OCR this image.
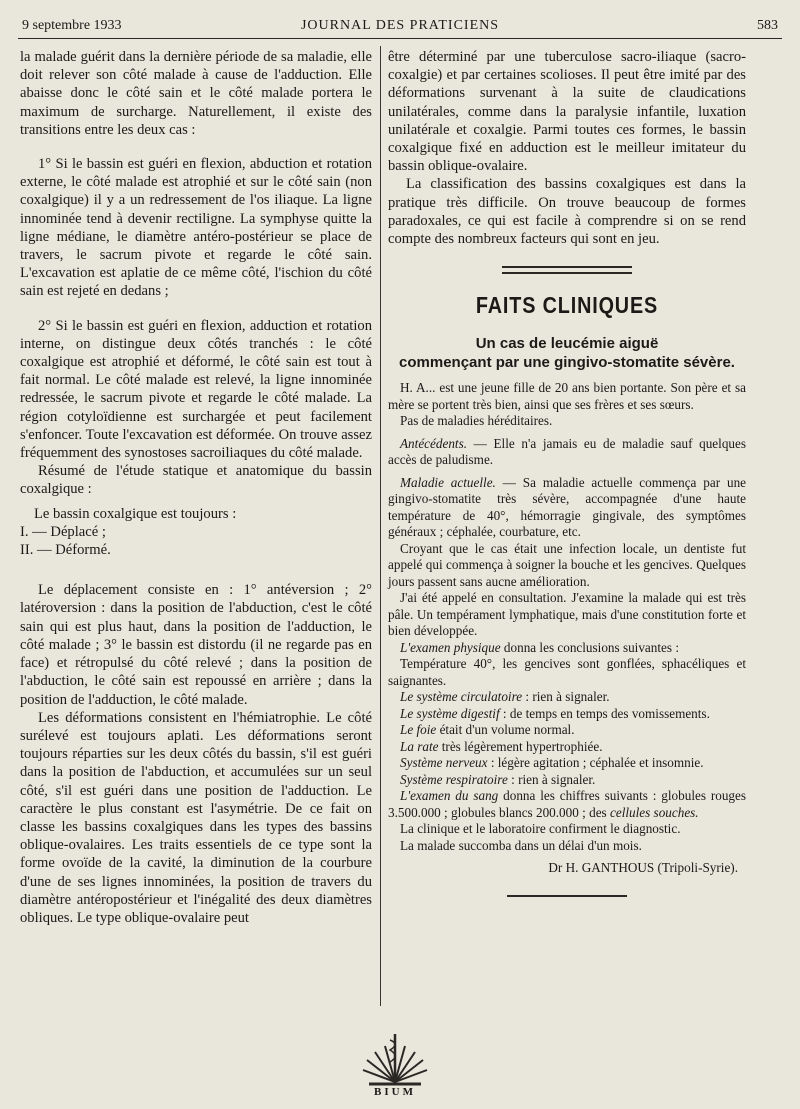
9 septembre 1933	JOURNAL DES PRATICIENS	583

la malade guérit dans la dernière période de sa maladie, elle doit relever son côté malade à cause de l'adduction. Elle abaisse donc le côté sain et le côté malade portera le maximum de surcharge. Naturellement, il existe des transitions entre les deux cas :

1° Si le bassin est guéri en flexion, abduction et rotation externe, le côté malade est atrophié et sur le côté sain (non coxalgique) il y a un redressement de l'os iliaque. La ligne innominée tend à devenir rectiligne. La symphyse quitte la ligne médiane, le diamètre antéro-postérieur se place de travers, le sacrum pivote et regarde le côté sain. L'excavation est aplatie de ce même côté, l'ischion du côté sain est rejeté en dedans ;

2° Si le bassin est guéri en flexion, adduction et rotation interne, on distingue deux côtés tranchés : le côté coxalgique est atrophié et déformé, le côté sain est tout à fait normal. Le côté malade est relevé, la ligne innominée redressée, le sacrum pivote et regarde le côté malade. La région cotyloïdienne est surchargée et peut facilement s'enfoncer. Toute l'excavation est déformée. On trouve assez fréquemment des synostoses sacroiliaques du côté malade.

Résumé de l'étude statique et anatomique du bassin coxalgique :

Le bassin coxalgique est toujours :

I. — Déplacé ;

II. — Déformé.

Le déplacement consiste en : 1° antéversion ; 2° latéroversion : dans la position de l'abduction, c'est le côté sain qui est plus haut, dans la position de l'adduction, le côté malade ; 3° le bassin est distordu (il ne regarde pas en face) et rétropulsé du côté relevé ; dans la position de l'abduction, le côté sain est repoussé en arrière ; dans la position de l'adduction, le côté malade.

Les déformations consistent en l'hémiatrophie. Le côté surélevé est toujours aplati. Les déformations seront toujours réparties sur les deux côtés du bassin, s'il est guéri dans la position de l'abduction, et accumulées sur un seul côté, s'il est guéri dans une position de l'adduction. Le caractère le plus constant est l'asymétrie. De ce fait on classe les bassins coxalgiques dans les types des bassins oblique-ovalaires. Les traits essentiels de ce type sont la forme ovoïde de la cavité, la diminution de la courbure d'une de ses lignes innominées, la position de travers du diamètre antéropostérieur et l'inégalité des deux diamètres obliques. Le type oblique-ovalaire peut

être déterminé par une tuberculose sacro-iliaque (sacro-coxalgie) et par certaines scolioses. Il peut être imité par des déformations survenant à la suite de claudications unilatérales, comme dans la paralysie infantile, luxation unilatérale et coxalgie. Parmi toutes ces formes, le bassin coxalgique fixé en adduction est le meilleur imitateur du bassin oblique-ovalaire.

La classification des bassins coxalgiques est dans la pratique très difficile. On trouve beaucoup de formes paradoxales, ce qui est facile à comprendre si on se rend compte des nombreux facteurs qui sont en jeu.

FAITS CLINIQUES
Un cas de leucémie aiguë
commençant par une gingivo-stomatite sévère.

H. A... est une jeune fille de 20 ans bien portante. Son père et sa mère se portent très bien, ainsi que ses frères et ses sœurs.

Pas de maladies héréditaires.

Antécédents. — Elle n'a jamais eu de maladie sauf quelques accès de paludisme.

Maladie actuelle. — Sa maladie actuelle commença par une gingivo-stomatite très sévère, accompagnée d'une haute température de 40°, hémorragie gingivale, des symptômes généraux ; céphalée, courbature, etc.

Croyant que le cas était une infection locale, un dentiste fut appelé qui commença à soigner la bouche et les gencives. Quelques jours passent sans aucne amélioration.

J'ai été appelé en consultation. J'examine la malade qui est très pâle. Un tempérament lymphatique, mais d'une constitution forte et bien développée.

L'examen physique donna les conclusions suivantes :

Température 40°, les gencives sont gonflées, sphacéliques et saignantes.

Le système circulatoire : rien à signaler.

Le système digestif : de temps en temps des vomissements.

Le foie était d'un volume normal.

La rate très légèrement hypertrophiée.

Système nerveux : légère agitation ; céphalée et insomnie.

Système respiratoire : rien à signaler.

L'examen du sang donna les chiffres suivants : globules rouges 3.500.000 ; globules blancs 200.000 ; des cellules souches.

La clinique et le laboratoire confirment le diagnostic.

La malade succomba dans un délai d'un mois.

Dr H. GANTHOUS (Tripoli-Syrie).
BIUM
